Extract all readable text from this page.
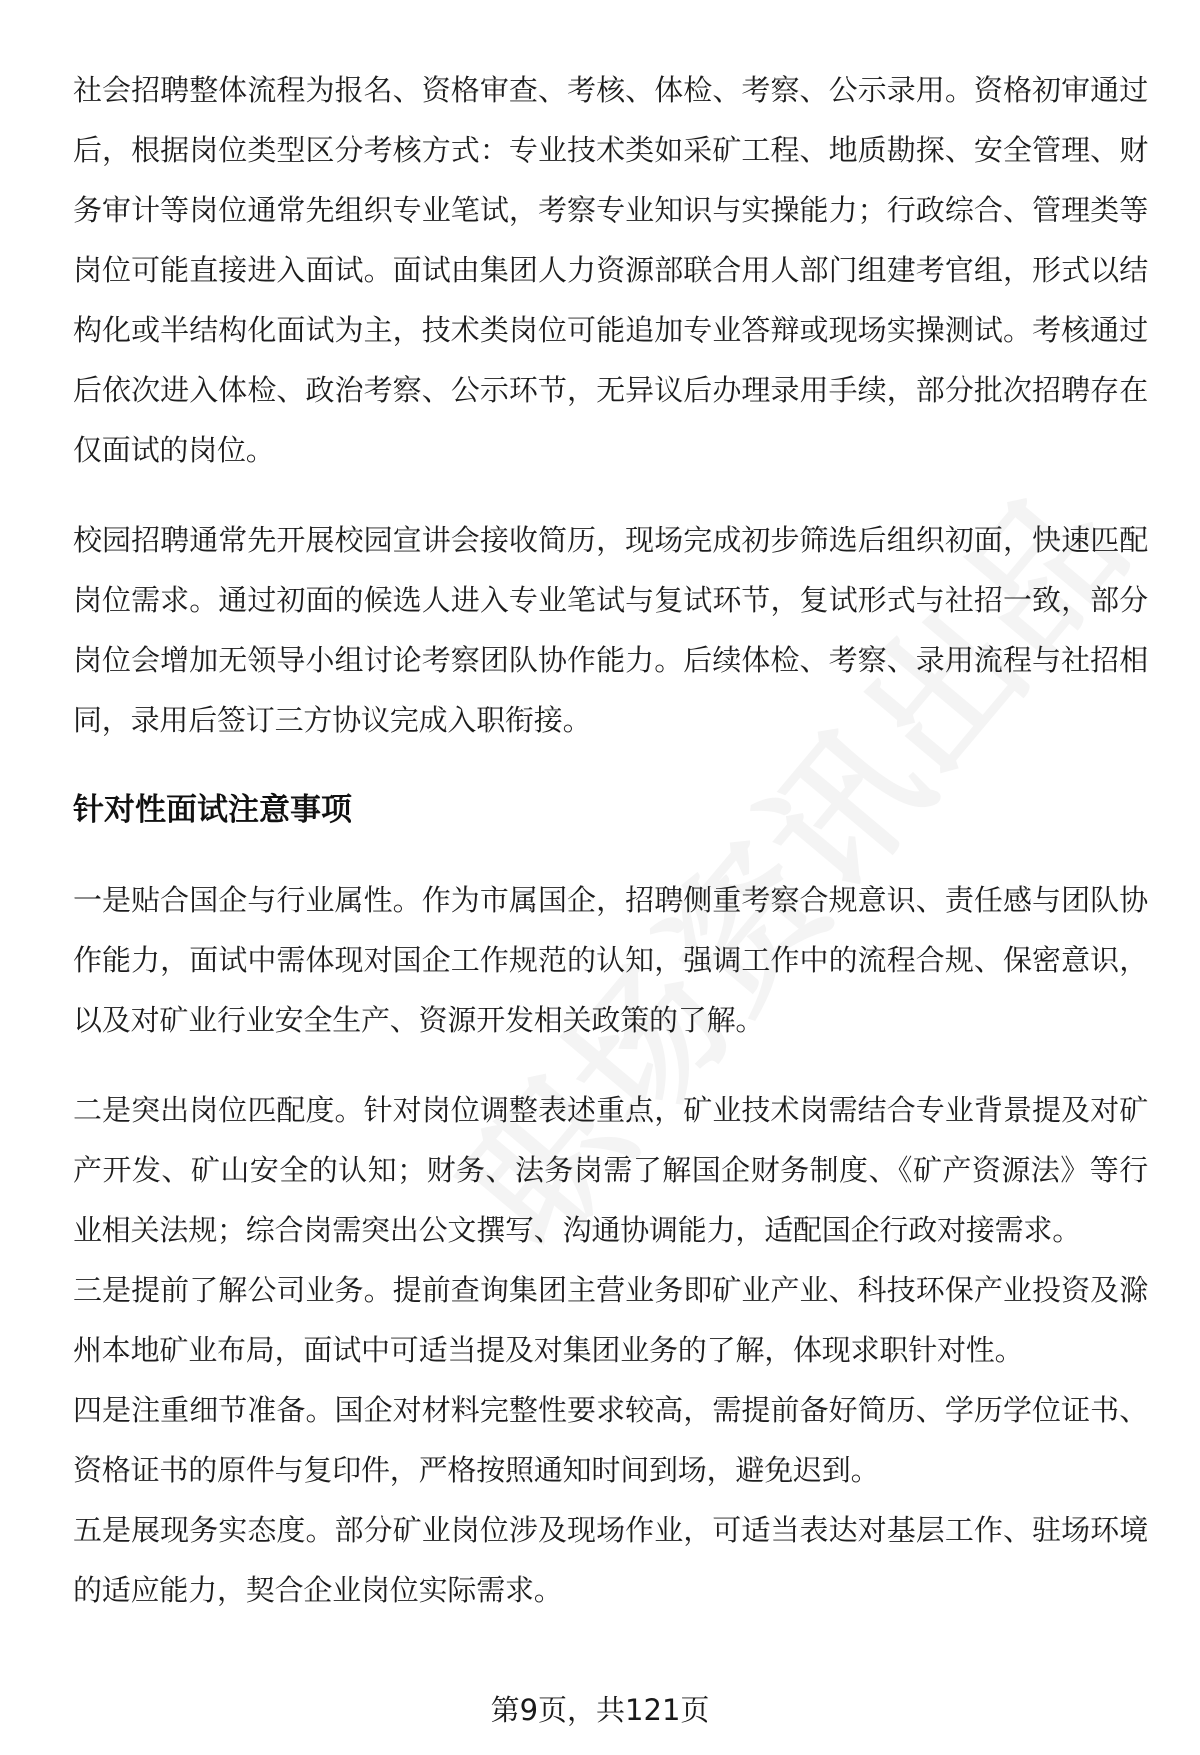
社会招聘整体流程为报名、资格审查、考核、体检、考察、公示录用。资格初审通过后，根据岗位类型区分考核方式：专业技术类如采矿工程、地质勘探、安全管理、财务审计等岗位通常先组织专业笔试，考察专业知识与实操能力；行政综合、管理类等岗位可能直接进入面试。面试由集团人力资源部联合用人部门组建考官组，形式以结构化或半结构化面试为主，技术类岗位可能追加专业答辩或现场实操测试。考核通过后依次进入体检、政治考察、公示环节，无异议后办理录用手续，部分批次招聘存在仅面试的岗位。

校园招聘通常先开展校园宣讲会接收简历，现场完成初步筛选后组织初面，快速匹配岗位需求。通过初面的候选人进入专业笔试与复试环节，复试形式与社招一致，部分岗位会增加无领导小组讨论考察团队协作能力。后续体检、考察、录用流程与社招相同，录用后签订三方协议完成入职衔接。

针对性面试注意事项

一是贴合国企与行业属性。作为市属国企，招聘侧重考察合规意识、责任感与团队协作能力，面试中需体现对国企工作规范的认知，强调工作中的流程合规、保密意识，以及对矿业行业安全生产、资源开发相关政策的了解。

二是突出岗位匹配度。针对岗位调整表述重点，矿业技术岗需结合专业背景提及对矿产开发、矿山安全的认知；财务、法务岗需了解国企财务制度、《矿产资源法》等行业相关法规；综合岗需突出公文撰写、沟通协调能力，适配国企行政对接需求。

三是提前了解公司业务。提前查询集团主营业务即矿业产业、科技环保产业投资及滁州本地矿业布局，面试中可适当提及对集团业务的了解，体现求职针对性。

四是注重细节准备。国企对材料完整性要求较高，需提前备好简历、学历学位证书、资格证书的原件与复印件，严格按照通知时间到场，避免迟到。

五是展现务实态度。部分矿业岗位涉及现场作业，可适当表达对基层工作、驻场环境的适应能力，契合企业岗位实际需求。

第9页，共121页
